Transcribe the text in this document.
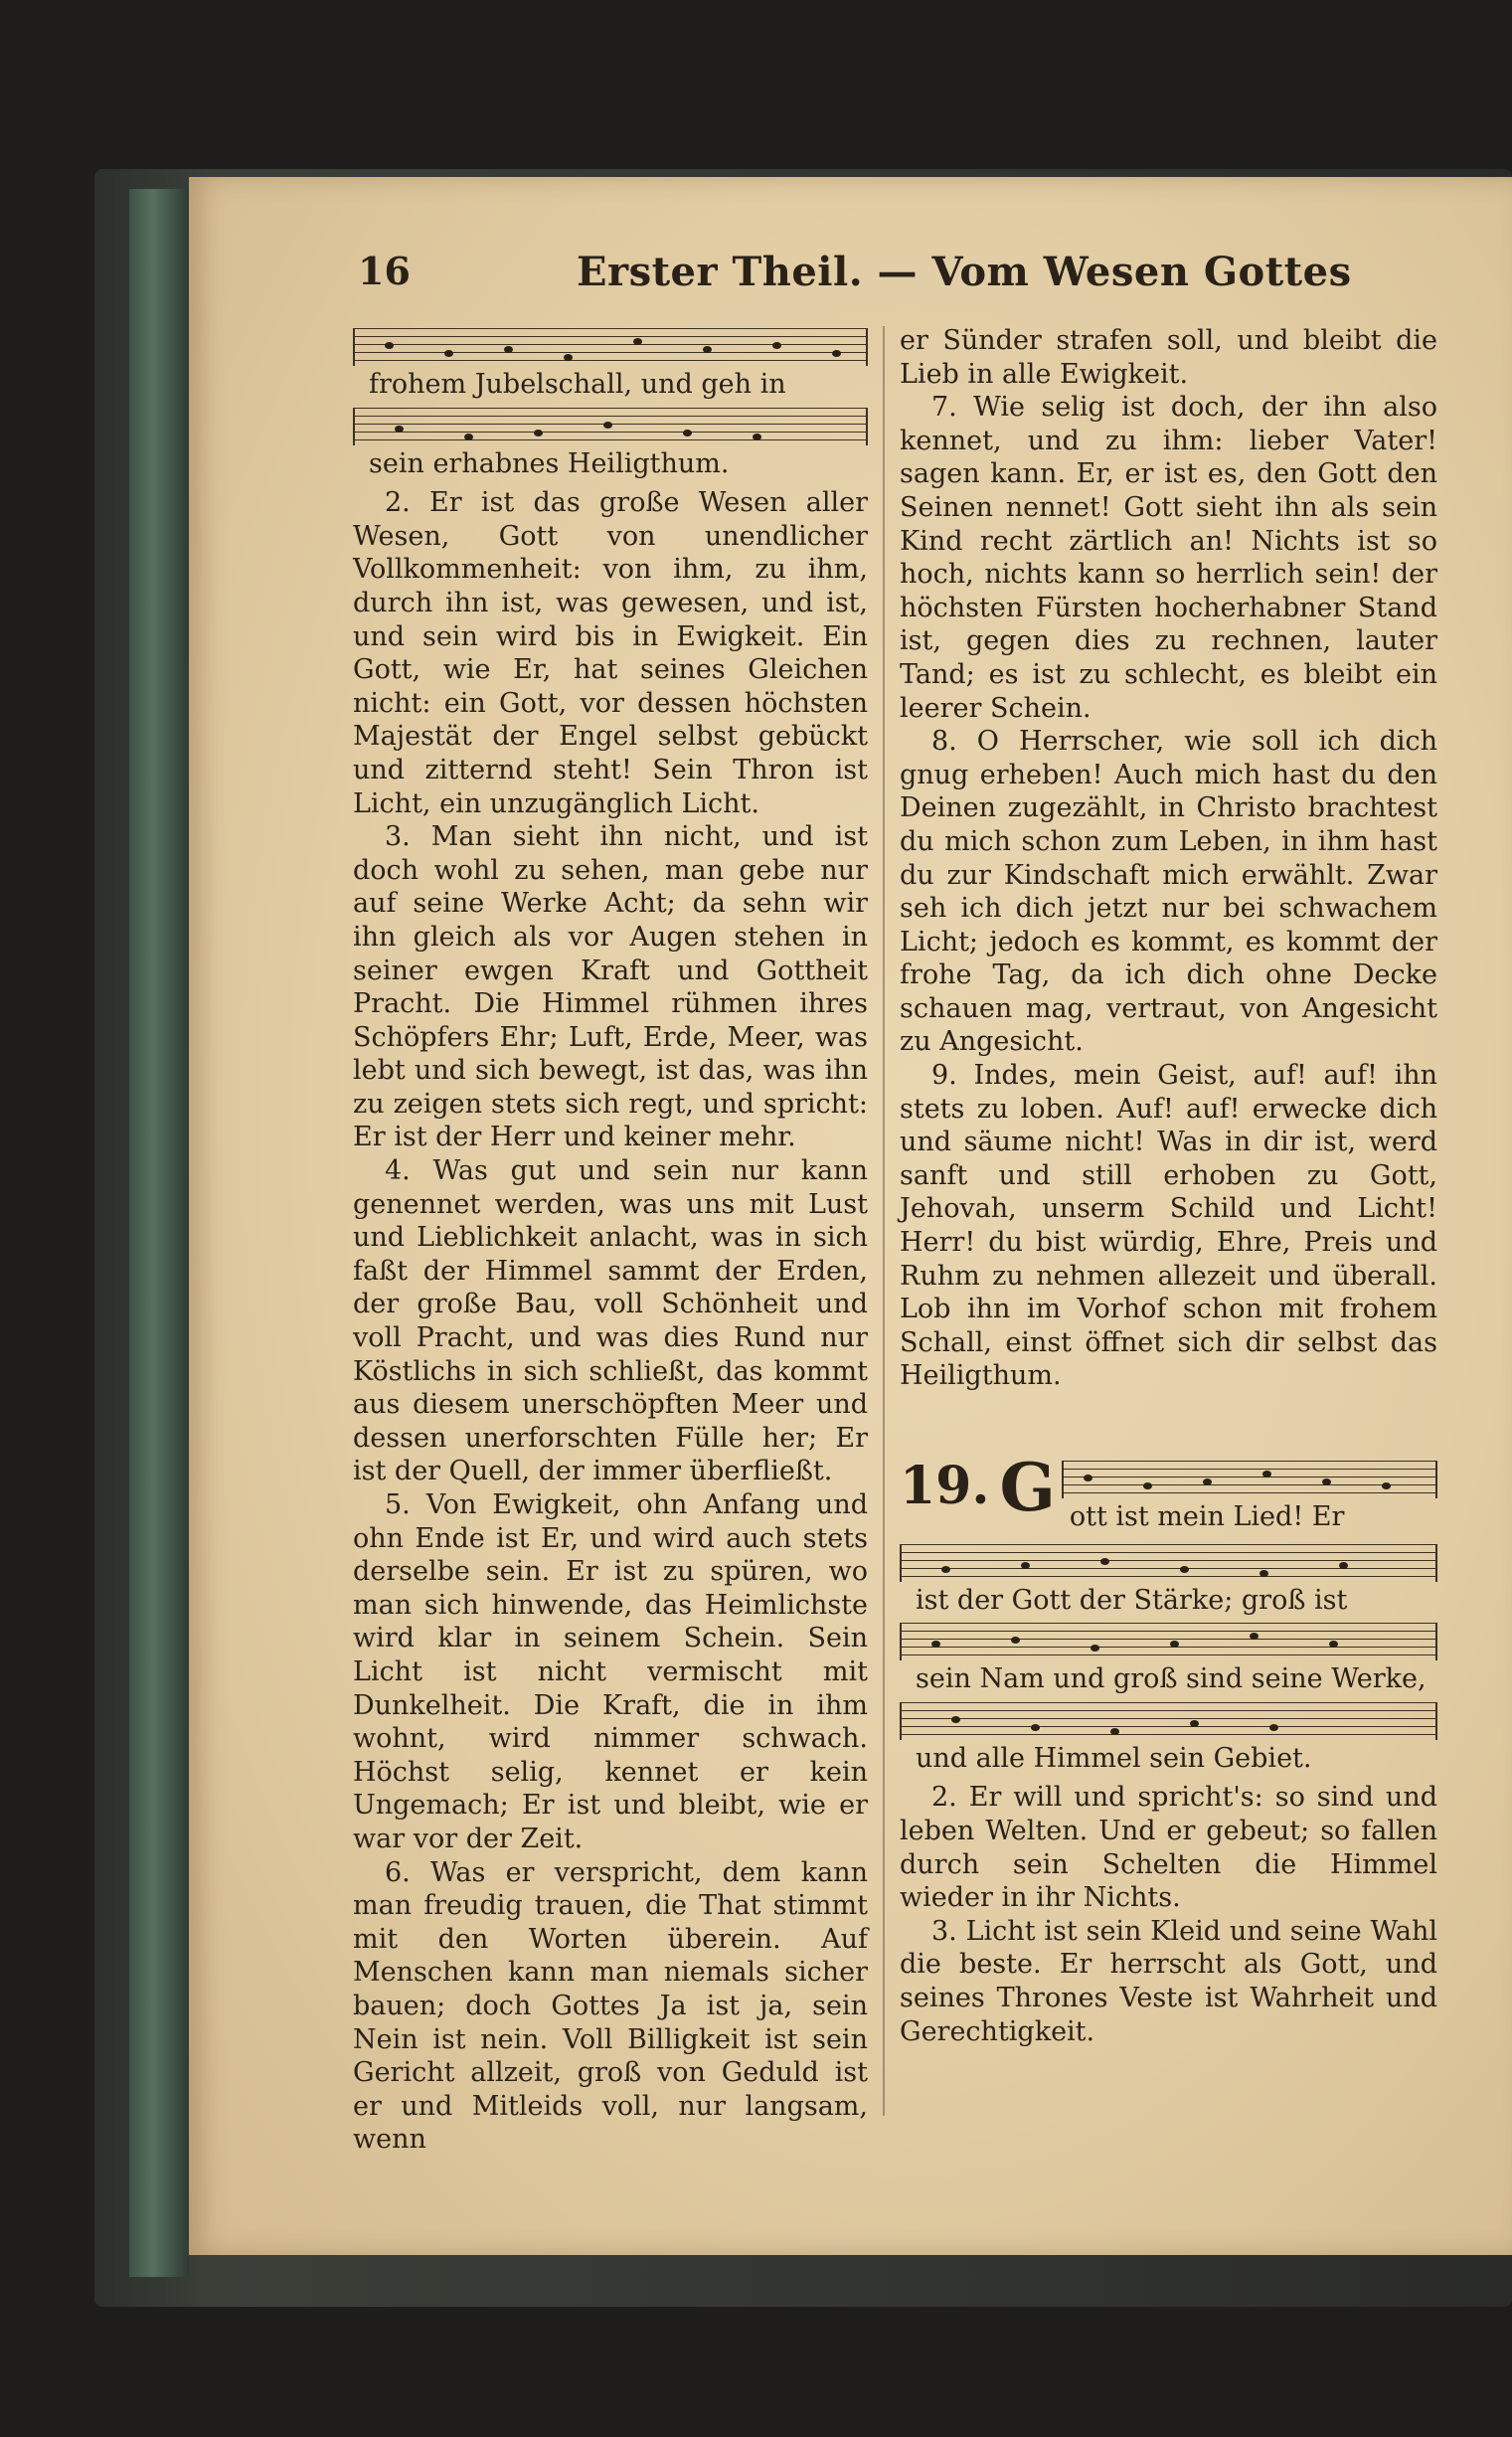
16	Erster Theil. — Vom Wesen Gottes
frohem Jubelschall, und geh in
sein erhabnes Heiligthum.

2. Er ist das große Wesen aller Wesen, Gott von unendlicher Vollkommenheit: von ihm, zu ihm, durch ihn ist, was gewesen, und ist, und sein wird bis in Ewigkeit. Ein Gott, wie Er, hat seines Gleichen nicht: ein Gott, vor dessen höchsten Majestät der Engel selbst gebückt und zitternd steht! Sein Thron ist Licht, ein unzugänglich Licht.

3. Man sieht ihn nicht, und ist doch wohl zu sehen, man gebe nur auf seine Werke Acht; da sehn wir ihn gleich als vor Augen stehen in seiner ewgen Kraft und Gottheit Pracht. Die Himmel rühmen ihres Schöpfers Ehr; Luft, Erde, Meer, was lebt und sich bewegt, ist das, was ihn zu zeigen stets sich regt, und spricht: Er ist der Herr und keiner mehr.

4. Was gut und sein nur kann genennet werden, was uns mit Lust und Lieblichkeit anlacht, was in sich faßt der Himmel sammt der Erden, der große Bau, voll Schönheit und voll Pracht, und was dies Rund nur Köstlichs in sich schließt, das kommt aus diesem unerschöpften Meer und dessen unerforschten Fülle her; Er ist der Quell, der immer überfließt.

5. Von Ewigkeit, ohn Anfang und ohn Ende ist Er, und wird auch stets derselbe sein. Er ist zu spüren, wo man sich hinwende, das Heimlichste wird klar in seinem Schein. Sein Licht ist nicht vermischt mit Dunkelheit. Die Kraft, die in ihm wohnt, wird nimmer schwach. Höchst selig, kennet er kein Ungemach; Er ist und bleibt, wie er war vor der Zeit.

6. Was er verspricht, dem kann man freudig trauen, die That stimmt mit den Worten überein. Auf Menschen kann man niemals sicher bauen; doch Gottes Ja ist ja, sein Nein ist nein. Voll Billigkeit ist sein Gericht allzeit, groß von Geduld ist er und Mitleids voll, nur langsam, wenn

er Sünder strafen soll, und bleibt die Lieb in alle Ewigkeit.

7. Wie selig ist doch, der ihn also kennet, und zu ihm: lieber Vater! sagen kann. Er, er ist es, den Gott den Seinen nennet! Gott sieht ihn als sein Kind recht zärtlich an! Nichts ist so hoch, nichts kann so herrlich sein! der höchsten Fürsten hocherhabner Stand ist, gegen dies zu rechnen, lauter Tand; es ist zu schlecht, es bleibt ein leerer Schein.

8. O Herrscher, wie soll ich dich gnug erheben! Auch mich hast du den Deinen zugezählt, in Christo brachtest du mich schon zum Leben, in ihm hast du zur Kindschaft mich erwählt. Zwar seh ich dich jetzt nur bei schwachem Licht; jedoch es kommt, es kommt der frohe Tag, da ich dich ohne Decke schauen mag, vertraut, von Angesicht zu Angesicht.

9. Indes, mein Geist, auf! auf! ihn stets zu loben. Auf! auf! erwecke dich und säume nicht! Was in dir ist, werd sanft und still erhoben zu Gott, Jehovah, unserm Schild und Licht! Herr! du bist würdig, Ehre, Preis und Ruhm zu nehmen allezeit und überall. Lob ihn im Vorhof schon mit frohem Schall, einst öffnet sich dir selbst das Heiligthum.

19. G ott ist mein Lied! Er
ist der Gott der Stärke; groß ist
sein Nam und groß sind seine Werke,
und alle Himmel sein Gebiet.

2. Er will und spricht's: so sind und leben Welten. Und er gebeut; so fallen durch sein Schelten die Himmel wieder in ihr Nichts.

3. Licht ist sein Kleid und seine Wahl die beste. Er herrscht als Gott, und seines Thrones Veste ist Wahrheit und Gerechtigkeit.
